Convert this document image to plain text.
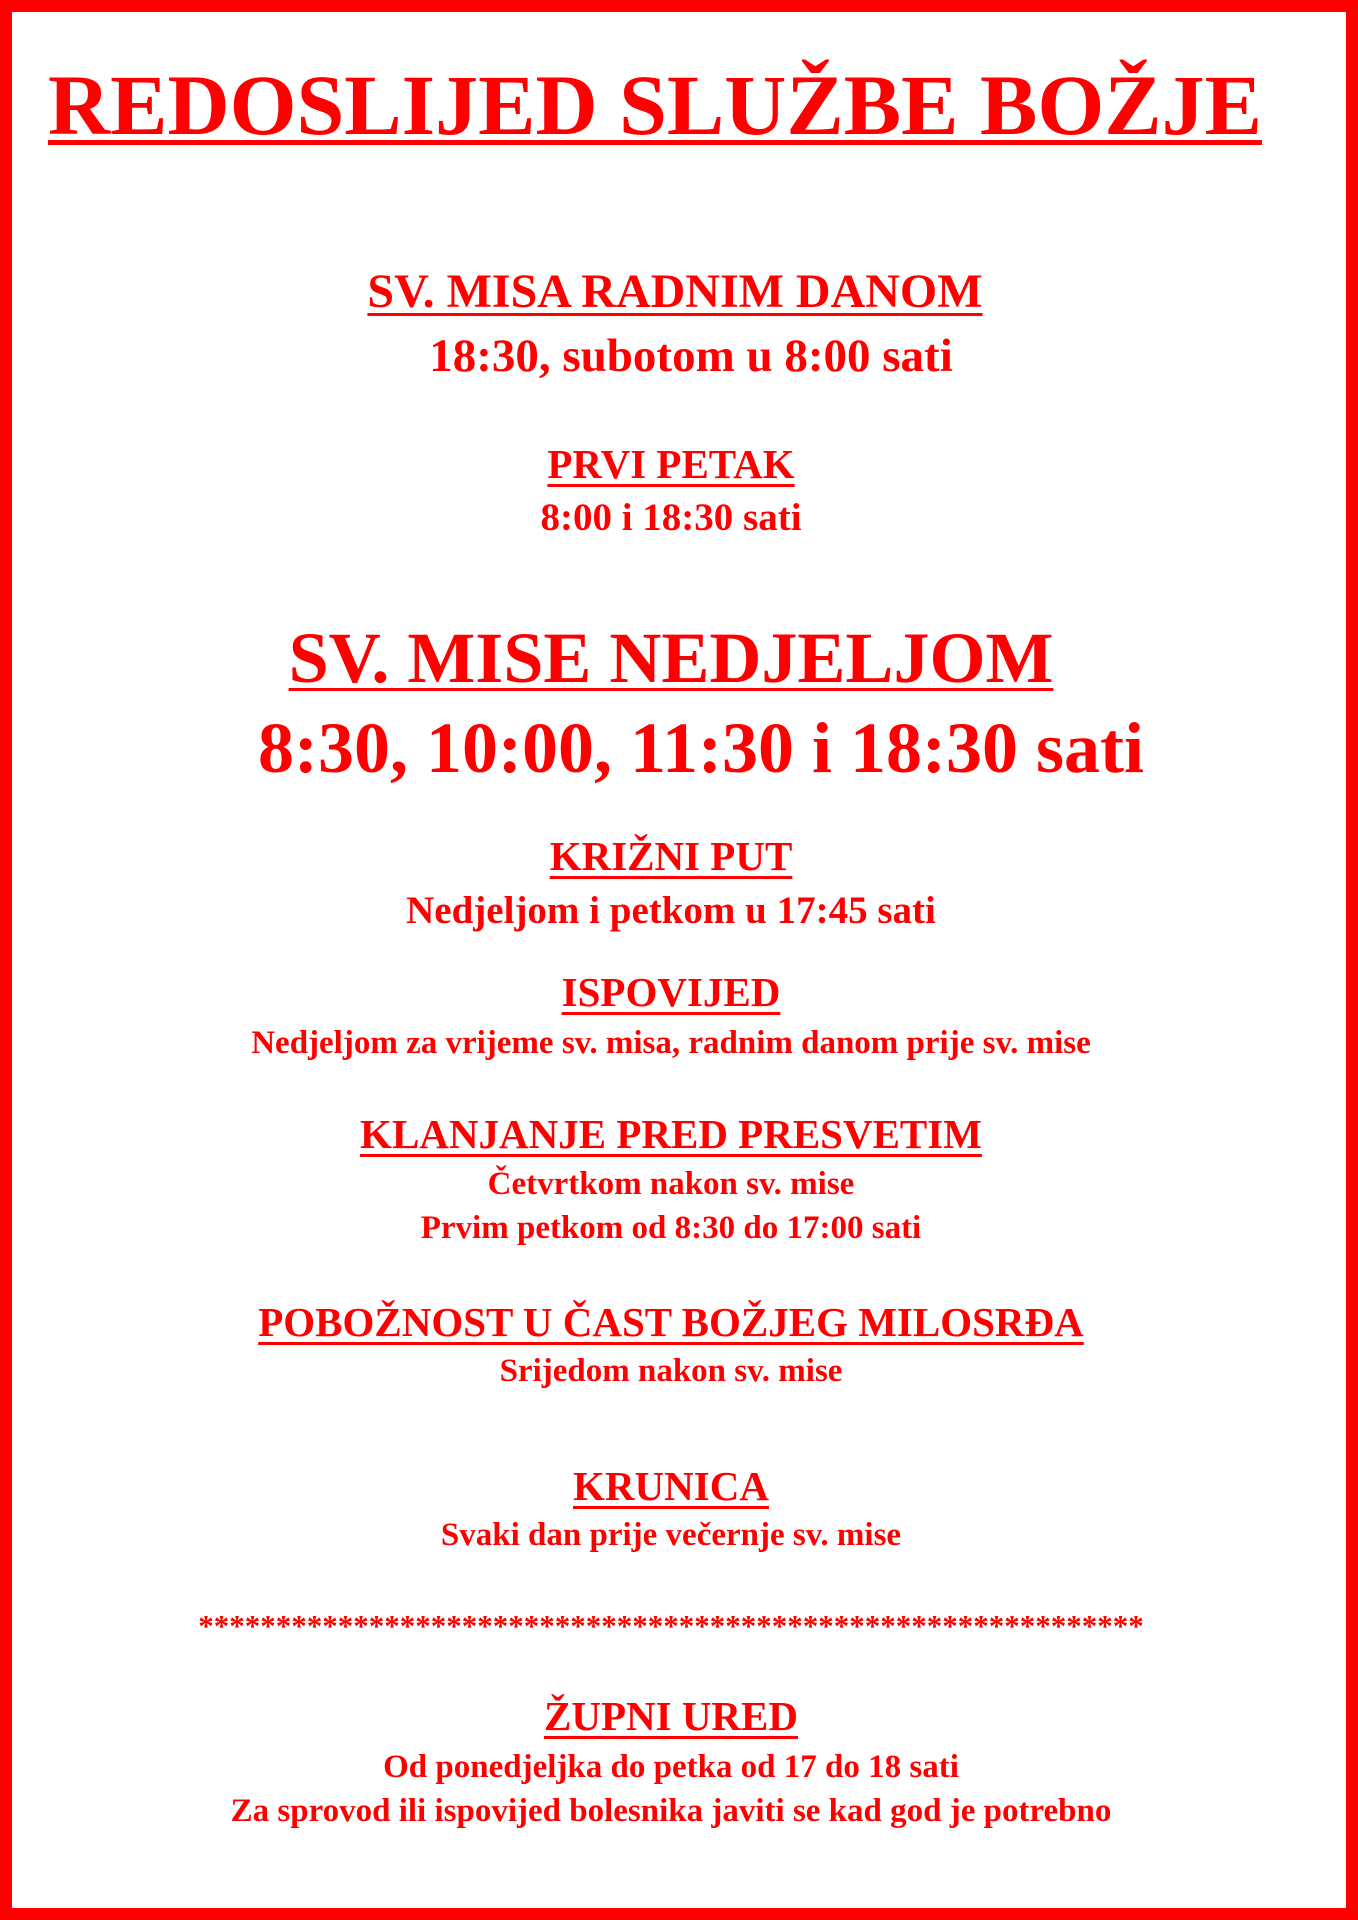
REDOSLIJED SLUŽBE BOŽJE
SV. MISA RADNIM DANOM
18:30, subotom u 8:00 sati
PRVI PETAK
8:00 i 18:30 sati
SV. MISE NEDJELJOM
8:30, 10:00, 11:30 i 18:30 sati
KRIŽNI PUT
Nedjeljom i petkom u 17:45 sati
ISPOVIJED
Nedjeljom za vrijeme sv. misa, radnim danom prije sv. mise
KLANJANJE PRED PRESVETIM
Četvrtkom nakon sv. mise
Prvim petkom od 8:30 do 17:00 sati
POBOŽNOST U ČAST BOŽJEG MILOSRĐA
Srijedom nakon sv. mise
KRUNICA
Svaki dan prije večernje sv. mise
*************************************************************
ŽUPNI URED
Od ponedjeljka do petka od 17 do 18 sati
Za sprovod ili ispovijed bolesnika javiti se kad god je potrebno
